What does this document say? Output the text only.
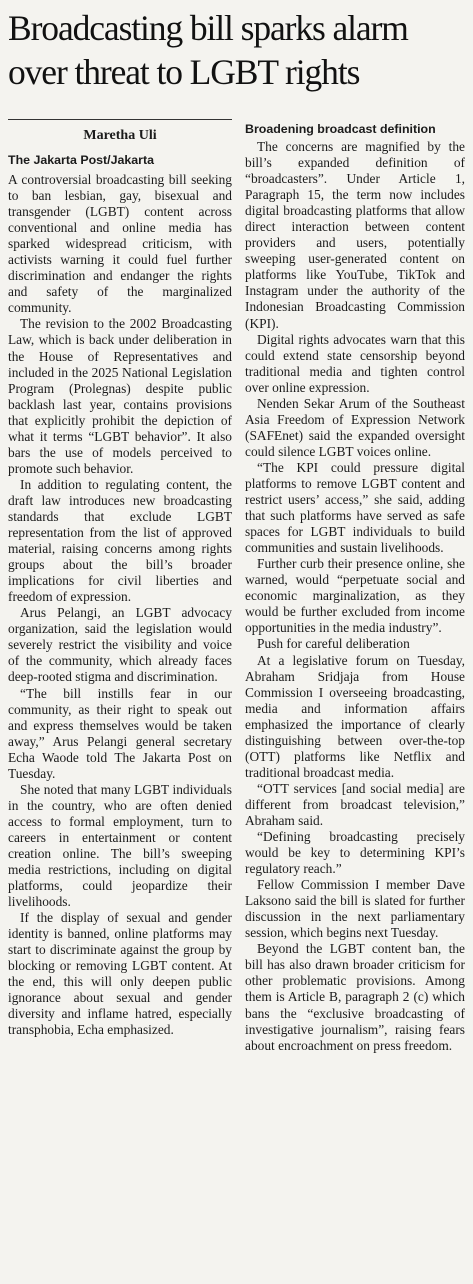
Broadcasting bill sparks alarm over threat to LGBT rights
Maretha Uli
The Jakarta Post/Jakarta

A controversial broadcasting bill seeking to ban lesbian, gay, bisexual and transgender (LGBT) content across conventional and online media has sparked widespread criticism, with activists warning it could fuel further discrimination and endanger the rights and safety of the marginalized community.

The revision to the 2002 Broadcasting Law, which is back under deliberation in the House of Representatives and included in the 2025 National Legislation Program (Prolegnas) despite public backlash last year, contains provisions that explicitly prohibit the depiction of what it terms “LGBT behavior”. It also bars the use of models perceived to promote such behavior.

In addition to regulating content, the draft law introduces new broadcasting standards that exclude LGBT representation from the list of approved material, raising concerns among rights groups about the bill’s broader implications for civil liberties and freedom of expression.

Arus Pelangi, an LGBT advocacy organization, said the legislation would severely restrict the visibility and voice of the community, which already faces deep-rooted stigma and discrimination.

“The bill instills fear in our community, as their right to speak out and express themselves would be taken away,” Arus Pelangi general secretary Echa Waode told The Jakarta Post on Tuesday.

She noted that many LGBT individuals in the country, who are often denied access to formal employment, turn to careers in entertainment or content creation online. The bill’s sweeping media restrictions, including on digital platforms, could jeopardize their livelihoods.

If the display of sexual and gender identity is banned, online platforms may start to discriminate against the group by blocking or removing LGBT content. At the end, this will only deepen public ignorance about sexual and gender diversity and inflame hatred, especially transphobia, Echa emphasized.

Broadening broadcast definition

The concerns are magnified by the bill’s expanded definition of “broadcasters”. Under Article 1, Paragraph 15, the term now includes digital broadcasting platforms that allow direct interaction between content providers and users, potentially sweeping user-generated content on platforms like YouTube, TikTok and Instagram under the authority of the Indonesian Broadcasting Commission (KPI).

Digital rights advocates warn that this could extend state censorship beyond traditional media and tighten control over online expression.

Nenden Sekar Arum of the Southeast Asia Freedom of Expression Network (SAFEnet) said the expanded oversight could silence LGBT voices online.

“The KPI could pressure digital platforms to remove LGBT content and restrict users’ access,” she said, adding that such platforms have served as safe spaces for LGBT individuals to build communities and sustain livelihoods.

Further curb their presence online, she warned, would “perpetuate social and economic marginalization, as they would be further excluded from income opportunities in the media industry”.

Push for careful deliberation

At a legislative forum on Tuesday, Abraham Sridjaja from House Commission I overseeing broadcasting, media and information affairs emphasized the importance of clearly distinguishing between over-the-top (OTT) platforms like Netflix and traditional broadcast media.

“OTT services [and social media] are different from broadcast television,” Abraham said.

“Defining broadcasting precisely would be key to determining KPI’s regulatory reach.”

Fellow Commission I member Dave Laksono said the bill is slated for further discussion in the next parliamentary session, which begins next Tuesday.

Beyond the LGBT content ban, the bill has also drawn broader criticism for other problematic provisions. Among them is Article B, paragraph 2 (c) which bans the “exclusive broadcasting of investigative journalism”, raising fears about encroachment on press freedom.
